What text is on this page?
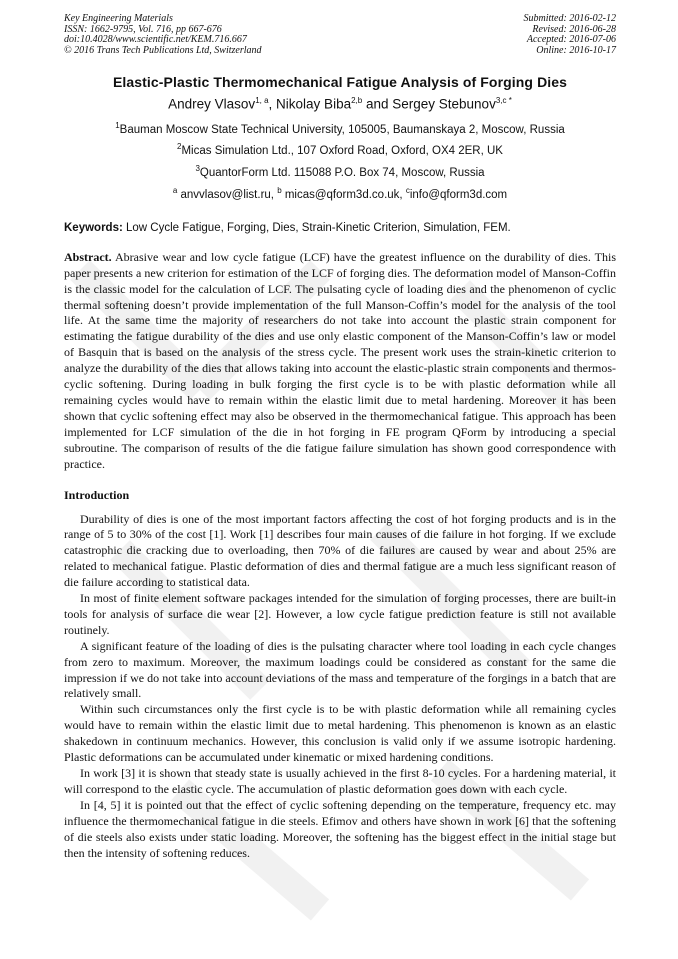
Key Engineering Materials
ISSN: 1662-9795, Vol. 716, pp 667-676
doi:10.4028/www.scientific.net/KEM.716.667
© 2016 Trans Tech Publications Ltd, Switzerland
Submitted: 2016-02-12
Revised: 2016-06-28
Accepted: 2016-07-06
Online: 2016-10-17
Elastic-Plastic Thermomechanical Fatigue Analysis of Forging Dies
Andrey Vlasov$^{1, a}$, Nikolay Biba$^{2,b}$ and Sergey Stebunov$^{3,c *}$
$^1$Bauman Moscow State Technical University, 105005, Baumanskaya 2, Moscow, Russia
$^2$Micas Simulation Ltd., 107 Oxford Road, Oxford, OX4 2ER, UK
$^3$QuantorForm Ltd. 115088 P.O. Box 74, Moscow, Russia
$^a$ anvvlasov@list.ru, $^b$ micas@qform3d.co.uk, $^c$info@qform3d.com
Keywords: Low Cycle Fatigue, Forging, Dies, Strain-Kinetic Criterion, Simulation, FEM.
Abstract. Abrasive wear and low cycle fatigue (LCF) have the greatest influence on the durability of dies. This paper presents a new criterion for estimation of the LCF of forging dies. The deformation model of Manson-Coffin is the classic model for the calculation of LCF. The pulsating cycle of loading dies and the phenomenon of cyclic thermal softening doesn’t provide implementation of the full Manson-Coffin’s model for the analysis of the tool life. At the same time the majority of researchers do not take into account the plastic strain component for estimating the fatigue durability of the dies and use only elastic component of the Manson-Coffin’s law or model of Basquin that is based on the analysis of the stress cycle. The present work uses the strain-kinetic criterion to analyze the durability of the dies that allows taking into account the elastic-plastic strain components and thermos-cyclic softening. During loading in bulk forging the first cycle is to be with plastic deformation while all remaining cycles would have to remain within the elastic limit due to metal hardening. Moreover it has been shown that cyclic softening effect may also be observed in the thermomechanical fatigue. This approach has been implemented for LCF simulation of the die in hot forging in FE program QForm by introducing a special subroutine. The comparison of results of the die fatigue failure simulation has shown good correspondence with practice.
Introduction

Durability of dies is one of the most important factors affecting the cost of hot forging products and is in the range of 5 to 30% of the cost [1]. Work [1] describes four main causes of die failure in hot forging. If we exclude catastrophic die cracking due to overloading, then 70% of die failures are caused by wear and about 25% are related to mechanical fatigue. Plastic deformation of dies and thermal fatigue are a much less significant reason of die failure according to statistical data.

In most of finite element software packages intended for the simulation of forging processes, there are built-in tools for analysis of surface die wear [2]. However, a low cycle fatigue prediction feature is still not available routinely.

A significant feature of the loading of dies is the pulsating character where tool loading in each cycle changes from zero to maximum. Moreover, the maximum loadings could be considered as constant for the same die impression if we do not take into account deviations of the mass and temperature of the forgings in a batch that are relatively small.

Within such circumstances only the first cycle is to be with plastic deformation while all remaining cycles would have to remain within the elastic limit due to metal hardening. This phenomenon is known as an elastic shakedown in continuum mechanics. However, this conclusion is valid only if we assume isotropic hardening. Plastic deformations can be accumulated under kinematic or mixed hardening conditions.

In work [3] it is shown that steady state is usually achieved in the first 8-10 cycles. For a hardening material, it will correspond to the elastic cycle. The accumulation of plastic deformation goes down with each cycle.

In [4, 5] it is pointed out that the effect of cyclic softening depending on the temperature, frequency etc. may influence the thermomechanical fatigue in die steels. Efimov and others have shown in work [6] that the softening of die steels also exists under static loading. Moreover, the softening has the biggest effect in the initial stage but then the intensity of softening reduces.
